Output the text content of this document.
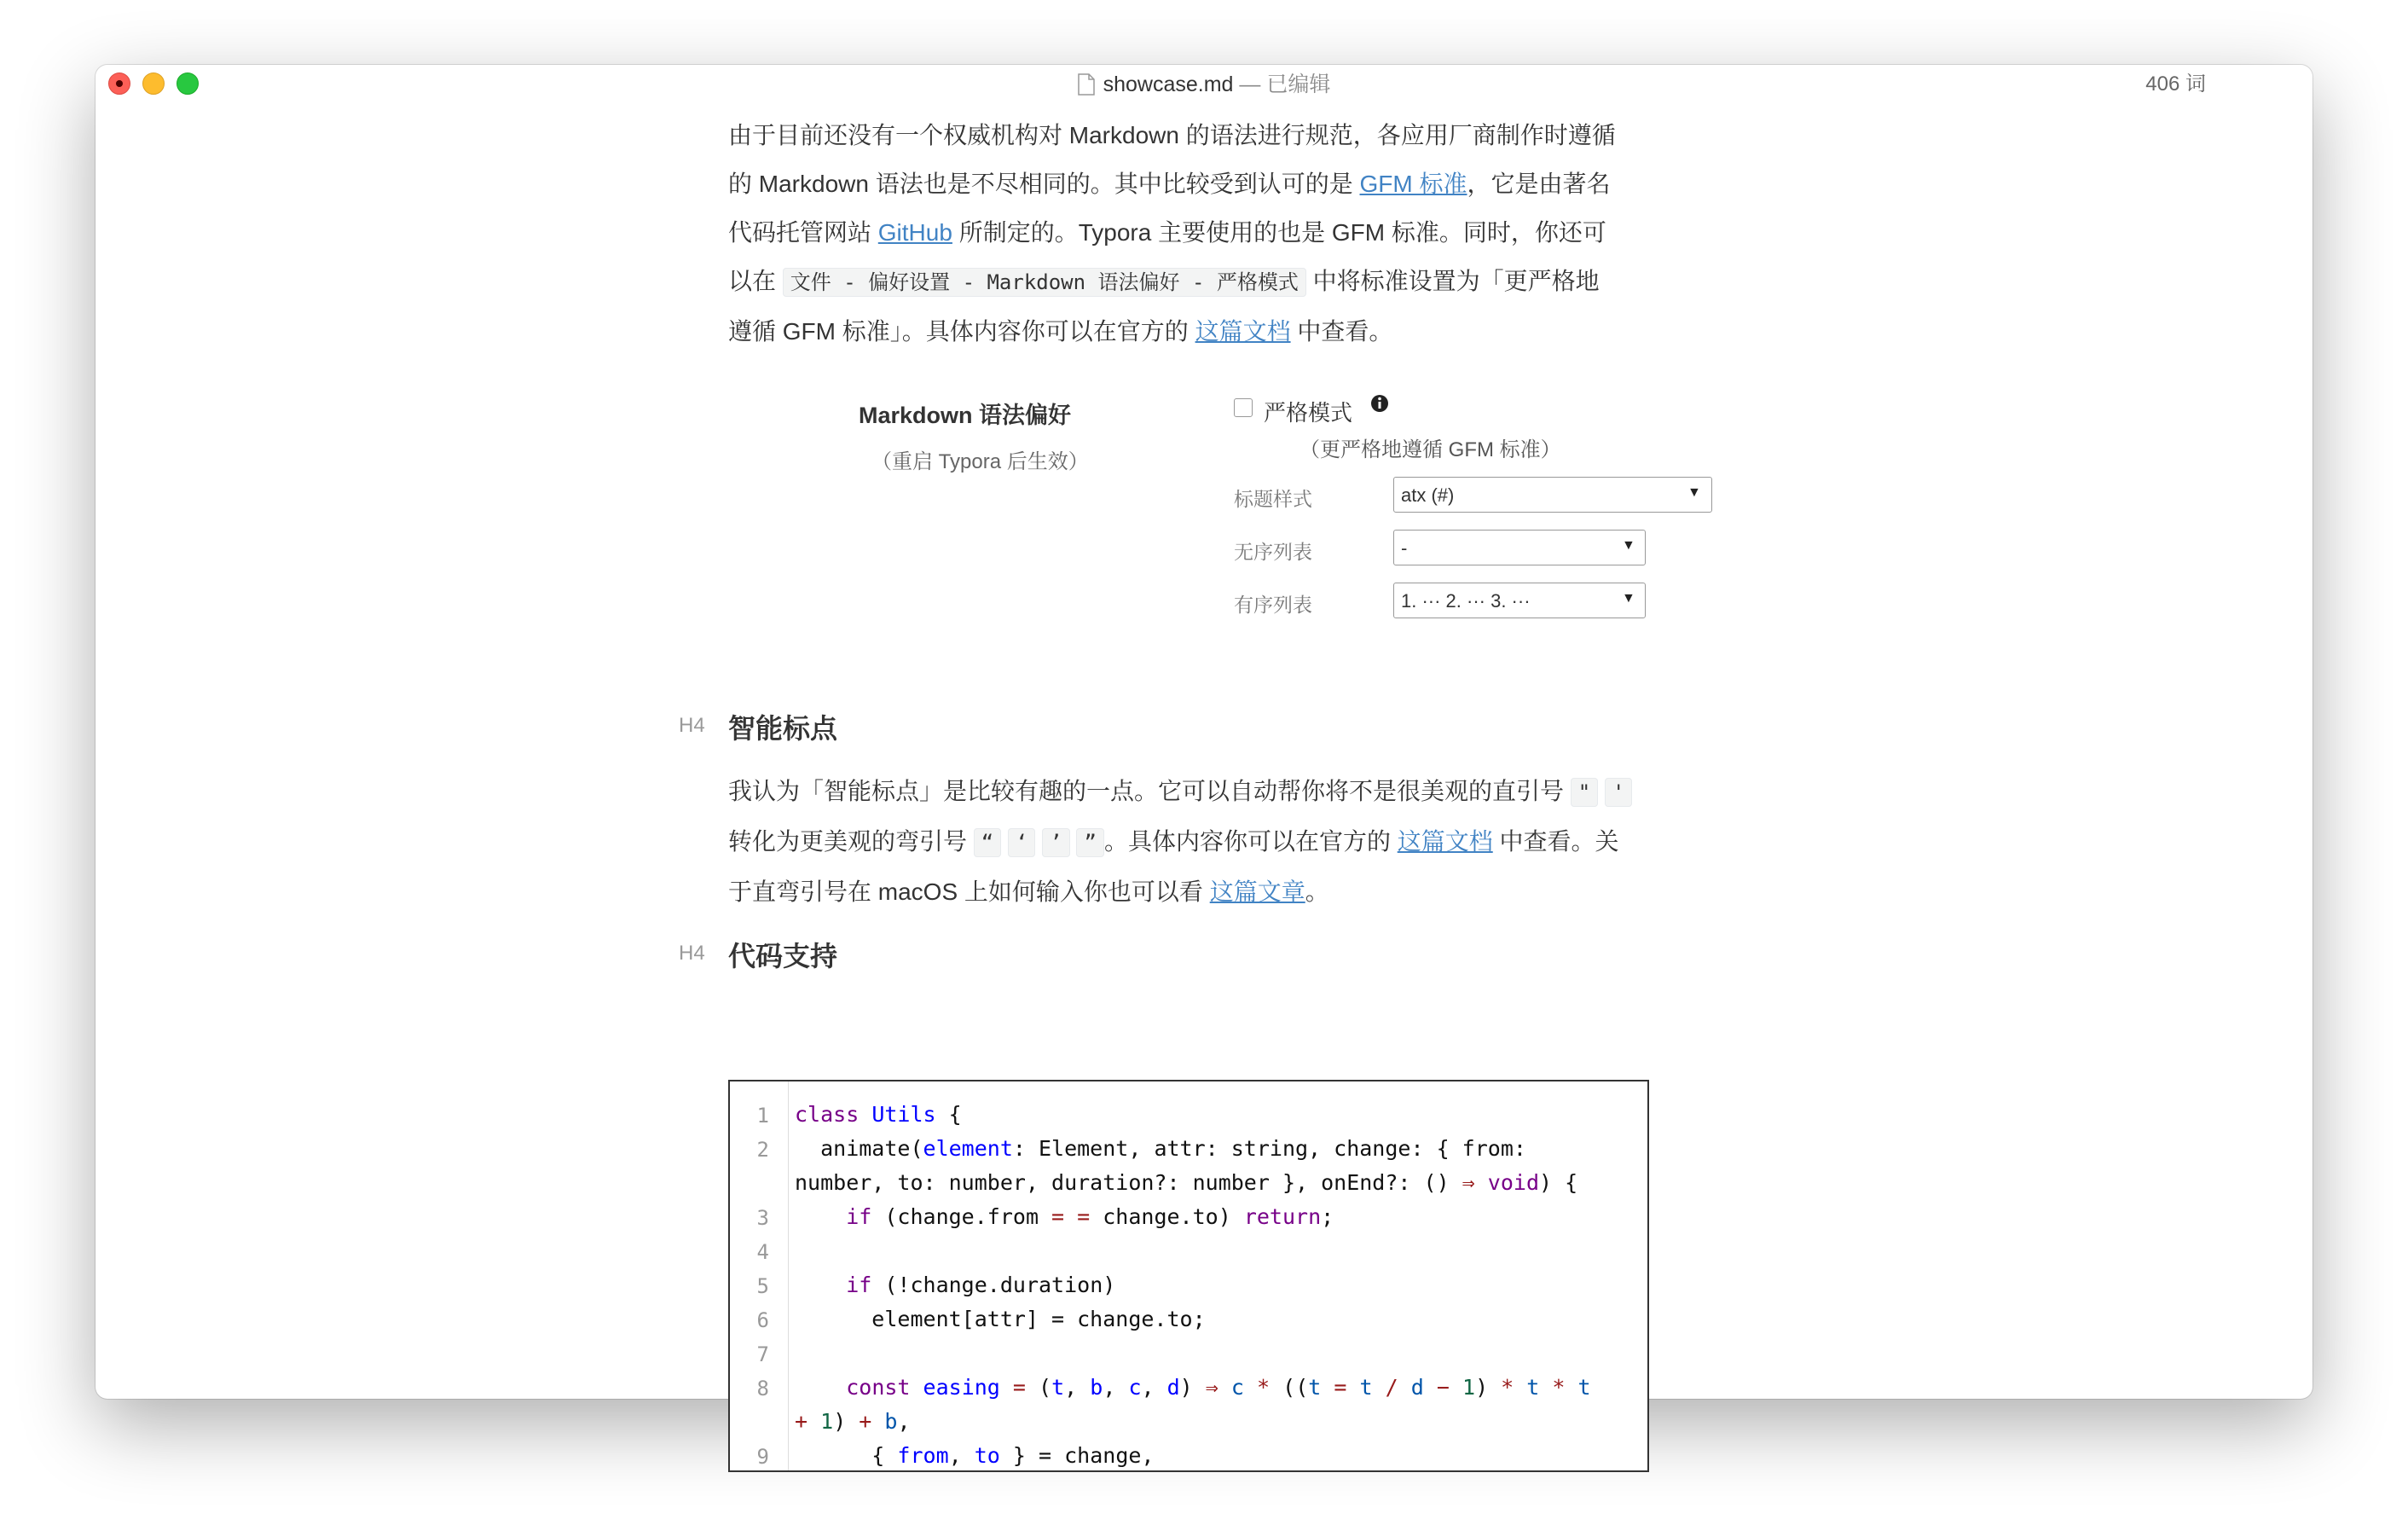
showcase.md — 已编辑	406 词

由于目前还没有一个权威机构对 Markdown 的语法进行规范，各应用厂商制作时遵循
的 Markdown 语法也是不尽相同的。其中比较受到认可的是 GFM 标准，它是由著名
代码托管网站 GitHub 所制定的。Typora 主要使用的也是 GFM 标准。同时，你还可
以在 文件 - 偏好设置 - Markdown 语法偏好 - 严格模式 中将标准设置为「更严格地
遵循 GFM 标准」。具体内容你可以在官方的 这篇文档 中查看。

Markdown 语法偏好
（重启 Typora 后生效）
严格模式
（更严格地遵循 GFM 标准）
标题样式
atx (#)	▼
无序列表
-	▼
有序列表
1. ··· 2. ··· 3. ···	▼
H4 智能标点

我认为「智能标点」是比较有趣的一点。它可以自动帮你将不是很美观的直引号 " '
转化为更美观的弯引号 “ ‘ ’ ” 。具体内容你可以在官方的 这篇文档 中查看。关
于直弯引号在 macOS 上如何输入你也可以看 这篇文章。

H4 代码支持
1
2
3
4
5
6
7
8
9
class Utils {
animate(element: Element, attr: string, change: { from:
number, to: number, duration?: number }, onEnd?: () ⇒ void) {
if (change.from = = change.to) return;
if (!change.duration)
element[attr] = change.to;
const easing = (t, b, c, d) ⇒ c * ((t = t / d − 1) * t * t
+ 1) + b,
{ from, to } = change,
